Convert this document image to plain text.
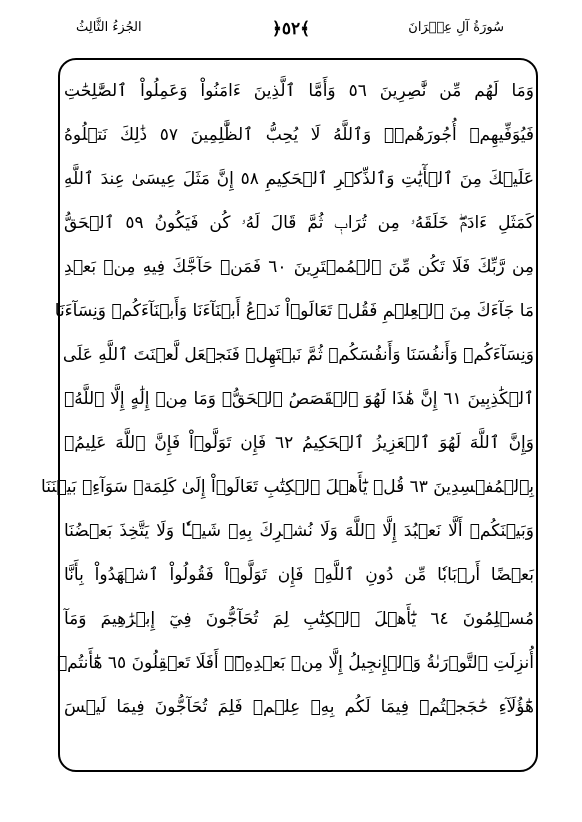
سُورَةُ آلِ عِمۡرَانَ
﴿٥٢﴾
الجُزءُ الثَّالِثُ
وَمَا لَهُم مِّن نَّٰصِرِينَ ٥٦ وَأَمَّا ٱلَّذِينَ ءَامَنُواْ وَعَمِلُواْ ٱلصَّٰلِحَٰتِ
فَيُوَفِّيهِمۡ أُجُورَهُمۡۗ وَٱللَّهُ لَا يُحِبُّ ٱلظَّٰلِمِينَ ٥٧ ذَٰلِكَ نَتۡلُوهُ
عَلَيۡكَ مِنَ ٱلۡأٓيَٰتِ وَٱلذِّكۡرِ ٱلۡحَكِيمِ ٥٨ إِنَّ مَثَلَ عِيسَىٰ عِندَ ٱللَّهِ
كَمَثَلِ ءَادَمَۖ خَلَقَهُۥ مِن تُرَابٖ ثُمَّ قَالَ لَهُۥ كُن فَيَكُونُ ٥٩ ٱلۡحَقُّ
مِن رَّبِّكَ فَلَا تَكُن مِّنَ ٱلۡمُمۡتَرِينَ ٦٠ فَمَنۡ حَآجَّكَ فِيهِ مِنۢ بَعۡدِ
مَا جَآءَكَ مِنَ ٱلۡعِلۡمِ فَقُلۡ تَعَالَوۡاْ نَدۡعُ أَبۡنَآءَنَا وَأَبۡنَآءَكُمۡ وَنِسَآءَنَا
وَنِسَآءَكُمۡ وَأَنفُسَنَا وَأَنفُسَكُمۡ ثُمَّ نَبۡتَهِلۡ فَنَجۡعَل لَّعۡنَتَ ٱللَّهِ عَلَى
ٱلۡكَٰذِبِينَ ٦١ إِنَّ هَٰذَا لَهُوَ ٱلۡقَصَصُ ٱلۡحَقُّۚ وَمَا مِنۡ إِلَٰهٍ إِلَّا ٱللَّهُۚ
وَإِنَّ ٱللَّهَ لَهُوَ ٱلۡعَزِيزُ ٱلۡحَكِيمُ ٦٢ فَإِن تَوَلَّوۡاْ فَإِنَّ ٱللَّهَ عَلِيمُۢ
بِٱلۡمُفۡسِدِينَ ٦٣ قُلۡ يَٰٓأَهۡلَ ٱلۡكِتَٰبِ تَعَالَوۡاْ إِلَىٰ كَلِمَةٖ سَوَآءِۭ بَيۡنَنَا
وَبَيۡنَكُمۡ أَلَّا نَعۡبُدَ إِلَّا ٱللَّهَ وَلَا نُشۡرِكَ بِهِۦ شَيۡـٔٗا وَلَا يَتَّخِذَ بَعۡضُنَا
بَعۡضًا أَرۡبَابٗا مِّن دُونِ ٱللَّهِۚ فَإِن تَوَلَّوۡاْ فَقُولُواْ ٱشۡهَدُواْ بِأَنَّا
مُسۡلِمُونَ ٦٤ يَٰٓأَهۡلَ ٱلۡكِتَٰبِ لِمَ تُحَآجُّونَ فِيٓ إِبۡرَٰهِيمَ وَمَآ
أُنزِلَتِ ٱلتَّوۡرَىٰةُ وَٱلۡإِنجِيلُ إِلَّا مِنۢ بَعۡدِهِۦٓۚ أَفَلَا تَعۡقِلُونَ ٦٥ هَٰٓأَنتُمۡ
هَٰٓؤُلَآءِ حَٰجَجۡتُمۡ فِيمَا لَكُم بِهِۦ عِلۡمٞ فَلِمَ تُحَآجُّونَ فِيمَا لَيۡسَ
